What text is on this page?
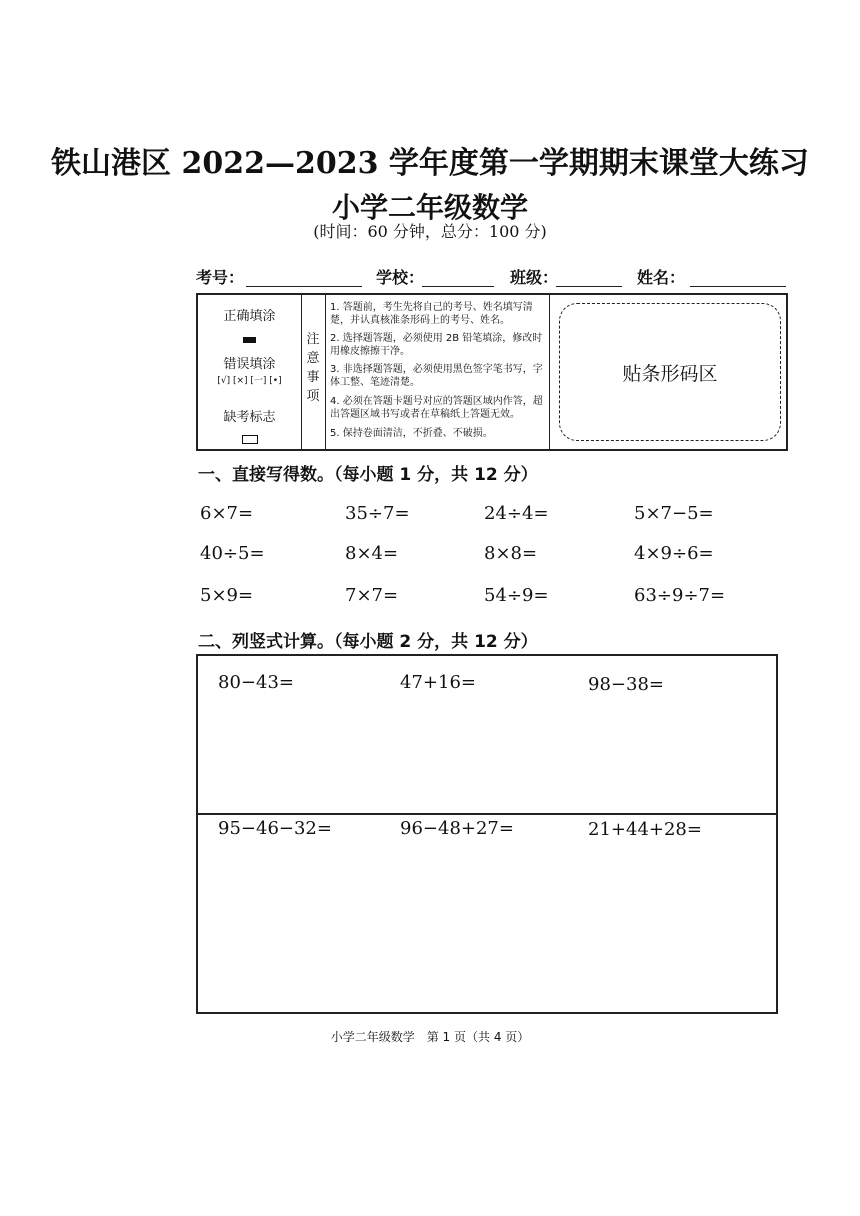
铁山港区 2022—2023 学年度第一学期期末课堂大练习
小学二年级数学
(时间：60 分钟，总分：100 分)
考号：	学校：	班级：	姓名：
正确填涂
错误填涂
[√] [×] [一] [•]
缺考标志
注
意
事
项
1. 答题前，考生先将自己的考号、姓名填写清楚，并认真核准条形码上的考号、姓名。
2. 选择题答题，必须使用 2B 铅笔填涂，修改时用橡皮擦擦干净。
3. 非选择题答题，必须使用黑色签字笔书写，字体工整、笔迹清楚。
4. 必须在答题卡题号对应的答题区域内作答，超出答题区域书写或者在草稿纸上答题无效。
5. 保持卷面清洁，不折叠、不破损。
贴条形码区
一、直接写得数。（每小题 1 分，共 12 分）
6×7=	35÷7=	24÷4=	5×7−5=
40÷5=	8×4=	8×8=	4×9÷6=
5×9=	7×7=	54÷9=	63÷9÷7=
二、列竖式计算。（每小题 2 分，共 12 分）
80−43=	47+16=	98−38=
95−46−32=	96−48+27=	21+44+28=
小学二年级数学　第 1 页（共 4 页）
